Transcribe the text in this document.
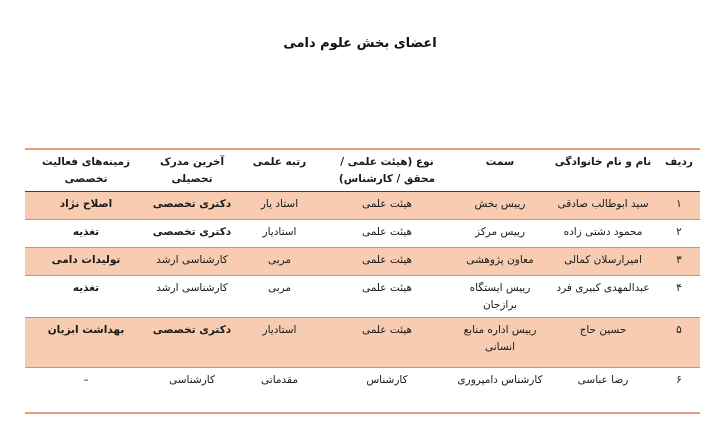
اعضای بخش علوم دامی
ردیف	نام و نام خانوادگی	سمت	نوع (هیئت علمی / محقق / کارشناس)	رتبه علمی	آخرین مدرک تحصیلی	زمینه‌های فعالیت تخصصی
۱	سید ابوطالب صادقی	رییس بخش	هیئت علمی	استاد یار	دکتری تخصصی	اصلاح نژاد
۲	محمود دشتی زاده	رییس مرکز	هیئت علمی	استادیار	دکتری تخصصی	تغذیه
۳	امیرارسلان کمالی	معاون پژوهشی	هیئت علمی	مربی	کارشناسی ارشد	تولیدات دامی
۴	عبدالمهدی کبیری فرد	رییس ایستگاه برازجان	هیئت علمی	مربی	کارشناسی ارشد	تغذیه
۵	حسین حاج	رییس اداره منابع انسانی	هیئت علمی	استادیار	دکتری تخصصی	بهداشت ابزیان
۶	رضا عباسی	کارشناس دامپروری	کارشناس	مقدماتی	کارشناسی	–
